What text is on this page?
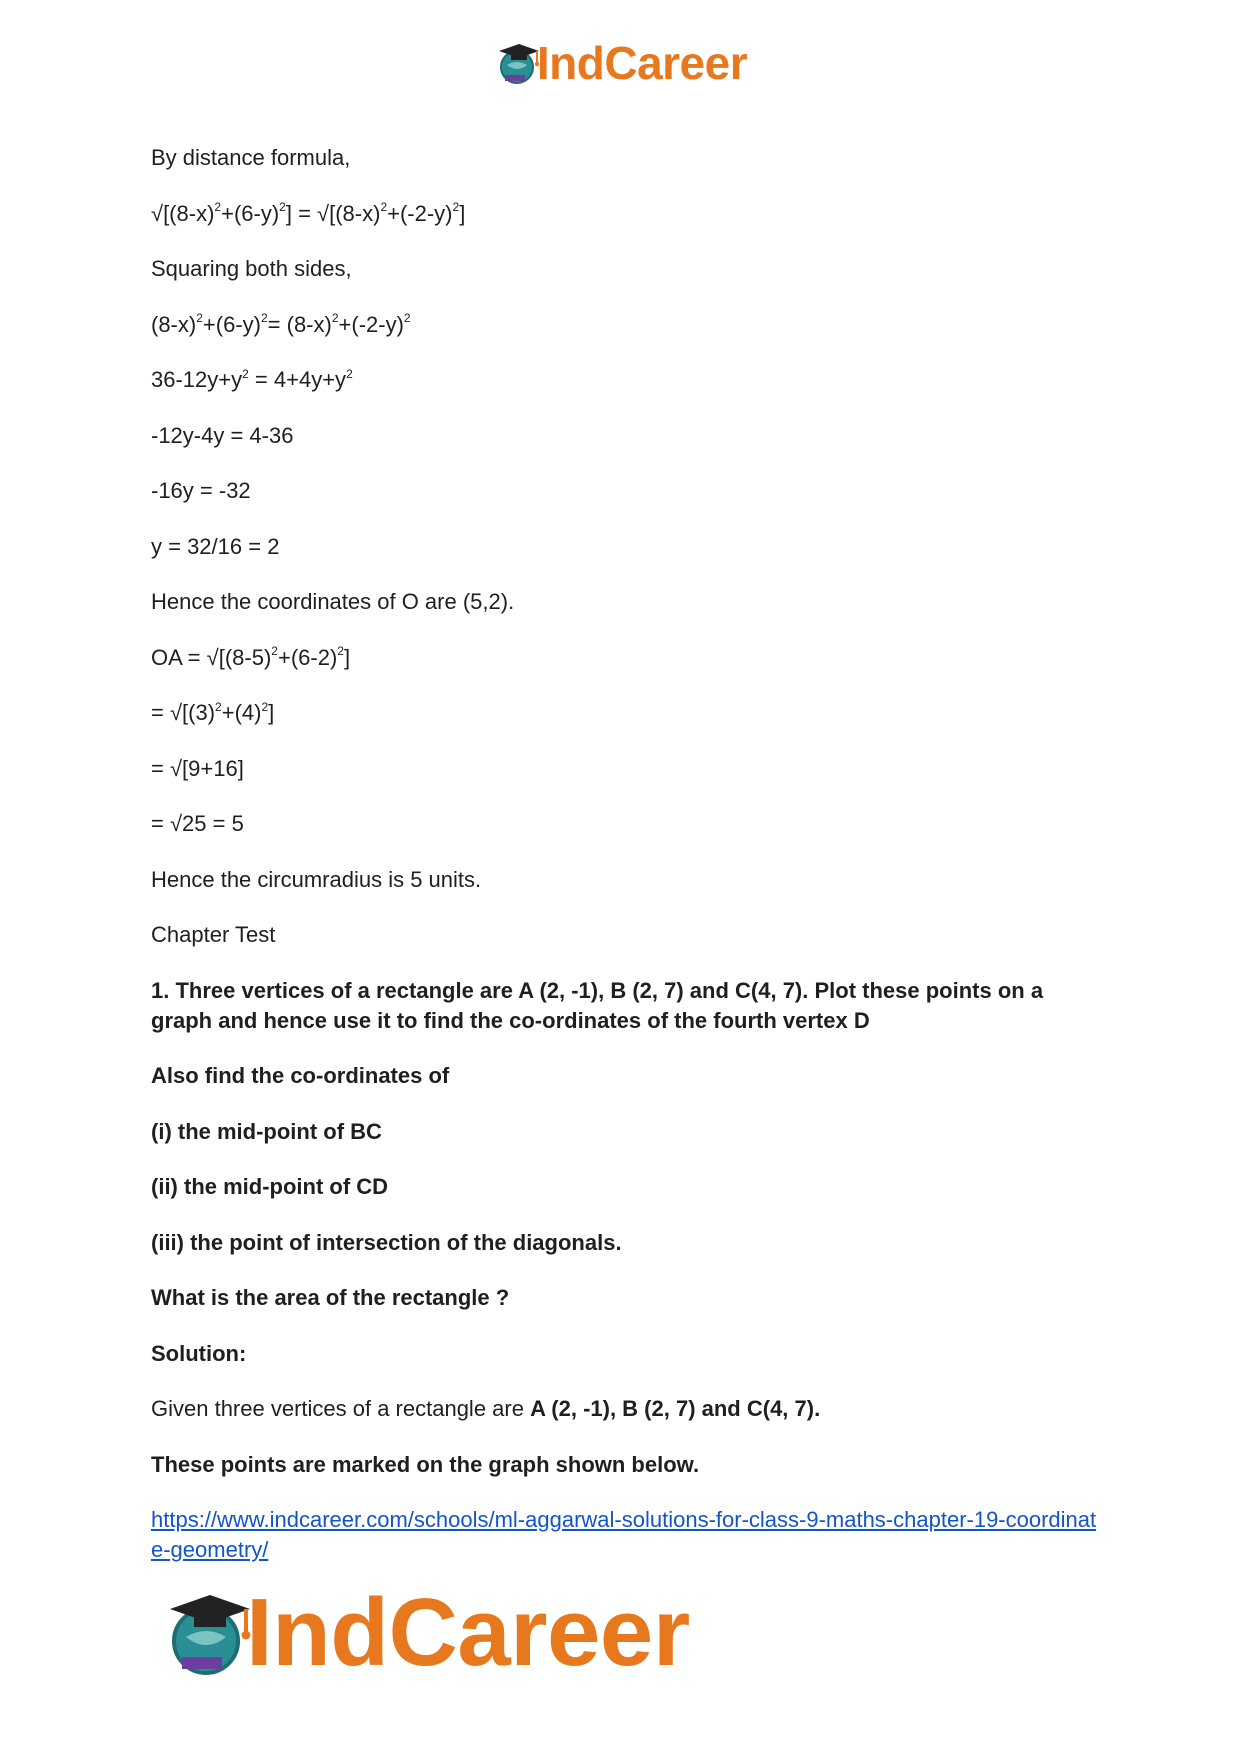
IndCareer

By distance formula,

$√[(8-x)^2+(6-y)^2] = √[(8-x)^2+(-2-y)^2]$

Squaring both sides,

$(8-x)^2+(6-y)^2= (8-x)^2+(-2-y)^2$

$36-12y+y^2 = 4+4y+y^2$

-12y-4y = 4-36

-16y = -32

y = 32/16 = 2

Hence the coordinates of O are (5,2).

OA = $√[(8-5)^2+(6-2)^2]$

= $√[(3)^2+(4)^2]$

= √[9+16]

= √25 = 5

Hence the circumradius is 5 units.

Chapter Test

1. Three vertices of a rectangle are A (2, -1), B (2, 7) and C(4, 7). Plot these points on a graph and hence use it to find the co-ordinates of the fourth vertex D

Also find the co-ordinates of

(i) the mid-point of BC

(ii) the mid-point of CD

(iii) the point of intersection of the diagonals.

What is the area of the rectangle ?

Solution:

Given three vertices of a rectangle are A (2, -1), B (2, 7) and C(4, 7).

These points are marked on the graph shown below.

https://www.indcareer.com/schools/ml-aggarwal-solutions-for-class-9-maths-chapter-19-coordinate-geometry/
IndCareer
